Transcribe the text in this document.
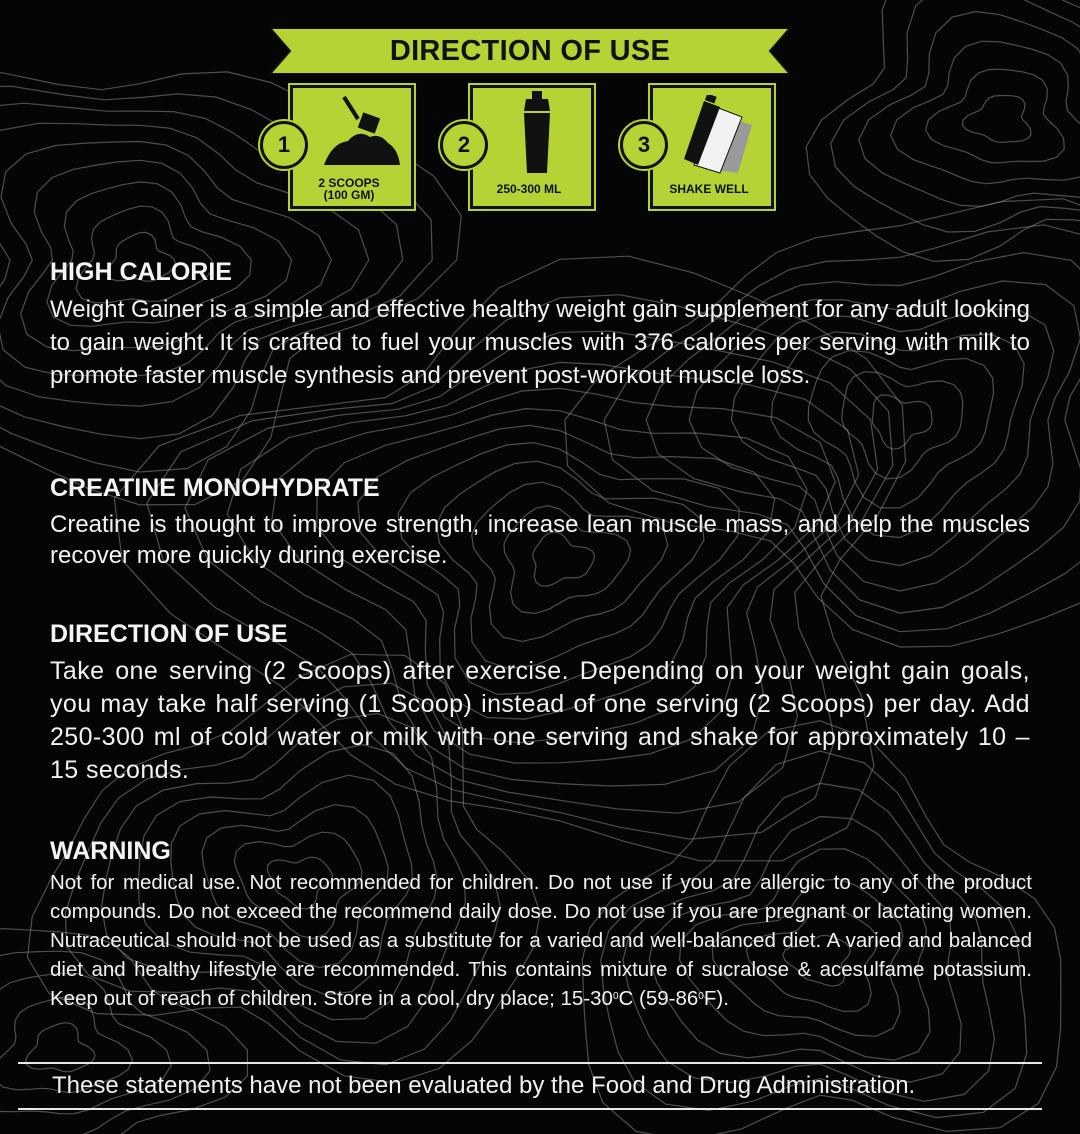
DIRECTION OF USE
2 SCOOPS
(100 GM)
1
250-300 ML
2
SHAKE WELL
3
HIGH CALORIE
Weight Gainer is a simple and effective healthy weight gain supplement for any adult looking to gain weight. It is crafted to fuel your muscles with 376 calories per serving with milk to promote faster muscle synthesis and prevent post-workout muscle loss.
CREATINE MONOHYDRATE
Creatine is thought to improve strength, increase lean muscle mass, and help the muscles recover more quickly during exercise.
DIRECTION OF USE
Take one serving (2 Scoops) after exercise. Depending on your weight gain goals, you may take half serving (1 Scoop) instead of one serving (2 Scoops) per day. Add 250-300 ml of cold water or milk with one serving and shake for approximately 10 – 15 seconds.
WARNING
Not for medical use. Not recommended for children. Do not use if you are allergic to any of the product compounds. Do not exceed the recommend daily dose. Do not use if you are pregnant or lactating women. Nutraceutical should not be used as a substitute for a varied and well-balanced diet. A varied and balanced diet and healthy lifestyle are recommended. This contains mixture of sucralose & acesulfame potassium. Keep out of reach of children. Store in a cool, dry place; $15-30^0C$ $(59-86^0F)$.
These statements have not been evaluated by the Food and Drug Administration.
